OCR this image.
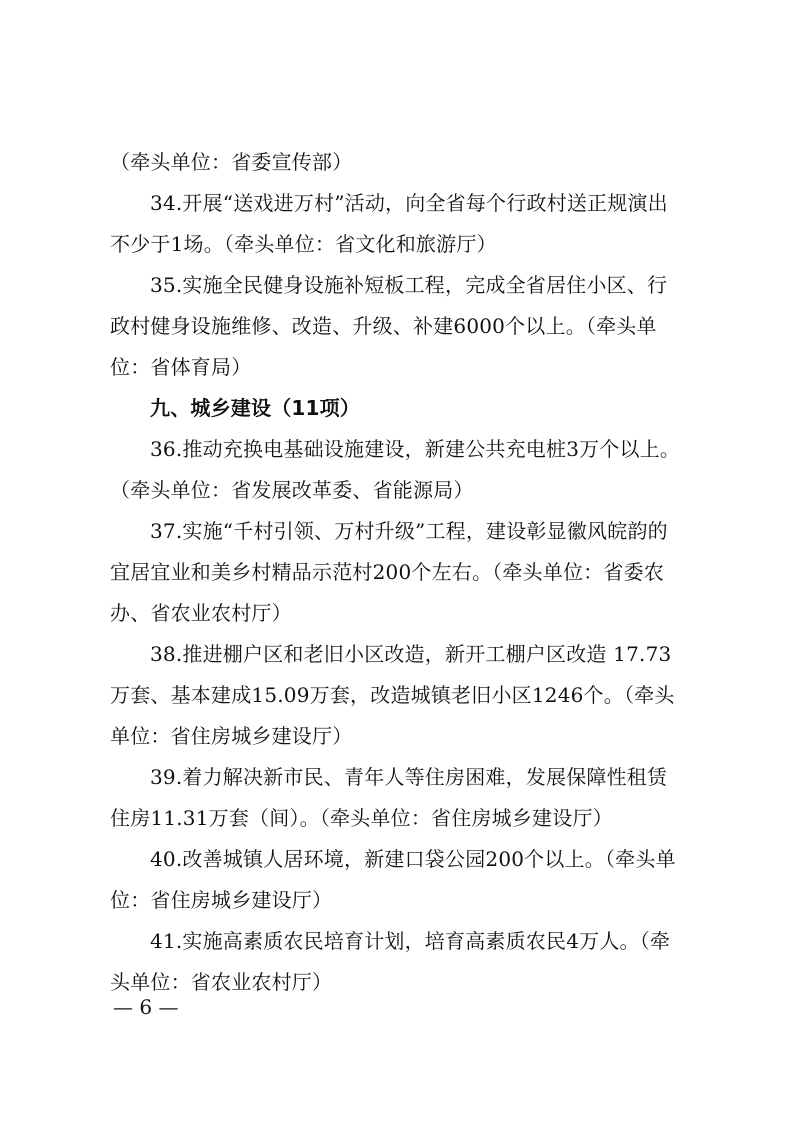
（牵头单位：省委宣传部）
34.开展“送戏进万村”活动，向全省每个行政村送正规演出
不少于1场。（牵头单位：省文化和旅游厅）
35.实施全民健身设施补短板工程，完成全省居住小区、行
政村健身设施维修、改造、升级、补建6000个以上。（牵头单
位：省体育局）
九、城乡建设（11项）
36.推动充换电基础设施建设，新建公共充电桩3万个以上。
（牵头单位：省发展改革委、省能源局）
37.实施“千村引领、万村升级”工程，建设彰显徽风皖韵的
宜居宜业和美乡村精品示范村200个左右。（牵头单位：省委农
办、省农业农村厅）
38.推进棚户区和老旧小区改造，新开工棚户区改造 17.73
万套、基本建成15.09万套，改造城镇老旧小区1246个。（牵头
单位：省住房城乡建设厅）
39.着力解决新市民、青年人等住房困难，发展保障性租赁
住房11.31万套（间）。（牵头单位：省住房城乡建设厅）
40.改善城镇人居环境，新建口袋公园200个以上。（牵头单
位：省住房城乡建设厅）
41.实施高素质农民培育计划，培育高素质农民4万人。（牵
头单位：省农业农村厅）
— 6 —
